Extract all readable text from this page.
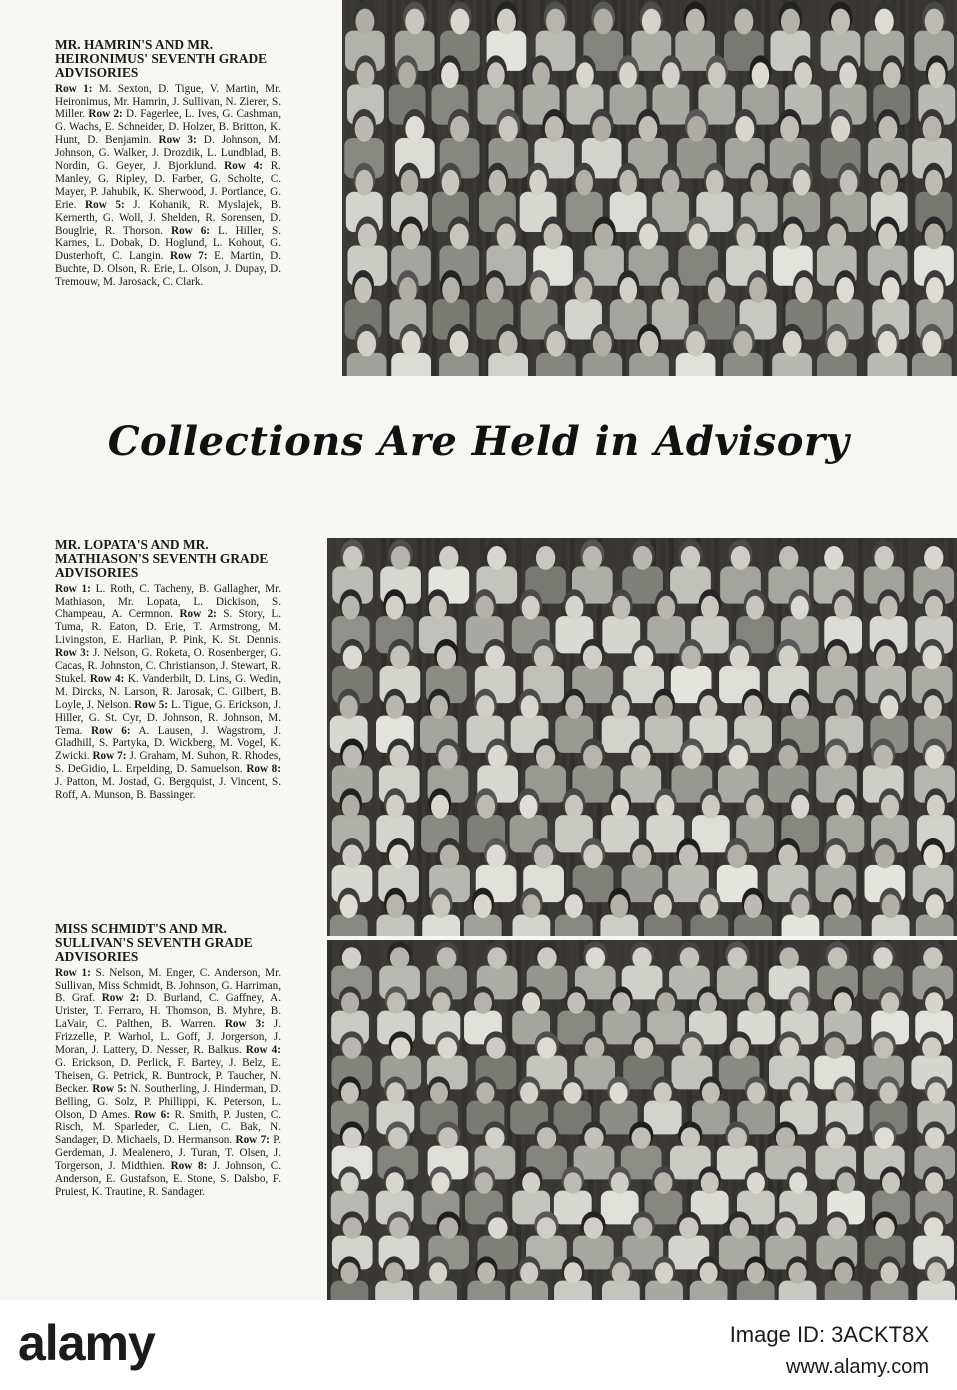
MR. HAMRIN'S AND MR. HEIRONIMUS' SEVENTH GRADE ADVISORIES
Row 1: M. Sexton, D. Tigue, V. Martin, Mr. Heironimus, Mr. Hamrin, J. Sullivan, N. Zierer, S. Miller. Row 2: D. Fagerlee, L. Ives, G. Cashman, G. Wachs, E. Schneider, D. Holzer, B. Britton, K. Hunt, D. Benjamin. Row 3: D. Johnson, M. Johnson, G. Walker, J. Drozdik, L. Lundblad, B. Nordin, G. Geyer, J. Bjorklund. Row 4: R. Manley, G. Ripley, D. Farber, G. Scholte, C. Mayer, P. Jahubik, K. Sherwood, J. Portlance, G. Erie. Row 5: J. Kohanik, R. Myslajek, B. Kernerth, G. Woll, J. Shelden, R. Sorensen, D. Bouglrie, R. Thorson. Row 6: L. Hiller, S. Karnes, L. Dobak, D. Hoglund, L. Kohout, G. Dusterhoft, C. Langin. Row 7: E. Martin, D. Buchte, D. Olson, R. Erie, L. Olson, J. Dupay, D. Tremouw, M. Jarosack, C. Clark.
Collections Are Held in Advisory
MR. LOPATA'S AND MR. MATHIASON'S SEVENTH GRADE ADVISORIES
Row 1: L. Roth, C. Tacheny, B. Gallagher, Mr. Mathiason, Mr. Lopata, L. Dickison, S. Champeau, A. Cermnon. Row 2: S. Story, L. Tuma, R. Eaton, D. Erie, T. Armstrong, M. Livingston, E. Harlian, P. Pink, K. St. Dennis. Row 3: J. Nelson, G. Roketa, O. Rosenberger, G. Cacas, R. Johnston, C. Christianson, J. Stewart, R. Stukel. Row 4: K. Vanderbilt, D. Lins, G. Wedin, M. Dircks, N. Larson, R. Jarosak, C. Gilbert, B. Loyle, J. Nelson. Row 5: L. Tigue, G. Erickson, J. Hiller, G. St. Cyr, D. Johnson, R. Johnson, M. Tema. Row 6: A. Lausen, J. Wagstrom, J. Gladhill, S. Partyka, D. Wickberg, M. Vogel, K. Zwicki. Row 7: J. Graham, M. Suhon, R. Rhodes, S. DeGidio, L. Erpelding, D. Samuelson. Row 8: J. Patton, M. Jostad, G. Bergquist, J. Vincent, S. Roff, A. Munson, B. Bassinger.
MISS SCHMIDT'S AND MR. SULLIVAN'S SEVENTH GRADE ADVISORIES
Row 1: S. Nelson, M. Enger, C. Anderson, Mr. Sullivan, Miss Schmidt, B. Johnson, G. Harriman, B. Graf. Row 2: D. Burland, C. Gaffney, A. Urister, T. Ferraro, H. Thomson, B. Myhre, B. LaVair, C. Palthen, B. Warren. Row 3: J. Frizzelle, P. Warhol, L. Goff, J. Jorgerson, J. Moran, J. Lattery, D. Nesser, R. Balkus. Row 4: G. Erickson, D. Perlick, F. Bartey, J. Belz, E. Theisen, G. Petrick, R. Buntrock, P. Taucher, N. Becker. Row 5: N. Southerling, J. Hinderman, D. Belling, G. Solz, P. Phillippi, K. Peterson, L. Olson, D Ames. Row 6: R. Smith, P. Justen, C. Risch, M. Sparleder, C. Lien, C. Bak, N. Sandager, D. Michaels, D. Hermanson. Row 7: P. Gerdeman, J. Mealenero, J. Turan, T. Olsen, J. Torgerson, J. Midthien. Row 8: J. Johnson, C. Anderson, E. Gustafson, E. Stone, S. Dalsbo, F. Pruiest, K. Trautine, R. Sandager.
alamy	Image ID: 3ACKT8X
www.alamy.com
